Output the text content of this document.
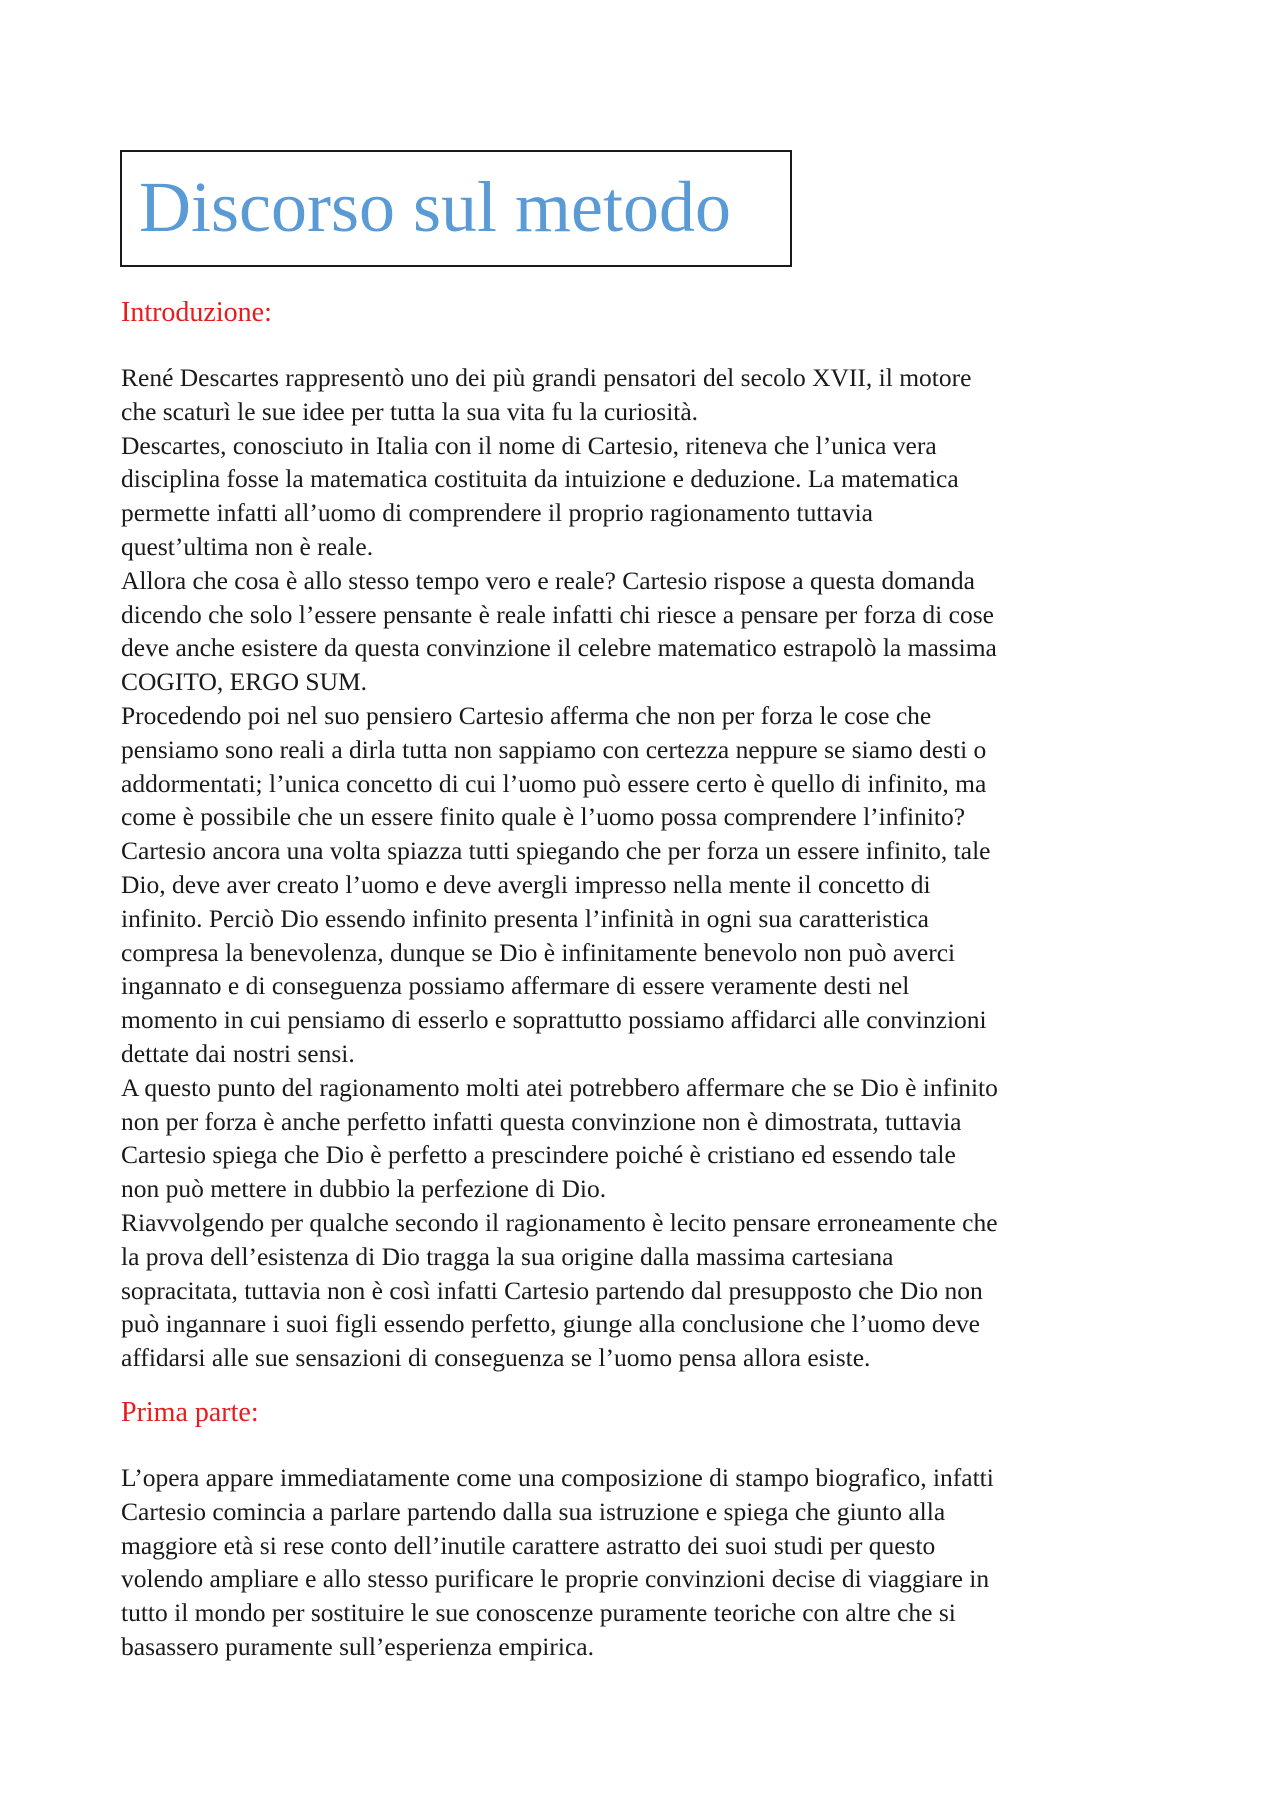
Discorso sul metodo
Introduzione:
René Descartes rappresentò uno dei più grandi pensatori del secolo XVII, il motore
che scaturì le sue idee per tutta la sua vita fu la curiosità.
Descartes, conosciuto in Italia con il nome di Cartesio, riteneva che l’unica vera
disciplina fosse la matematica costituita da intuizione e deduzione. La matematica
permette infatti all’uomo di comprendere il proprio ragionamento tuttavia
quest’ultima non è reale.
Allora che cosa è allo stesso tempo vero e reale? Cartesio rispose a questa domanda
dicendo che solo l’essere pensante è reale infatti chi riesce a pensare per forza di cose
deve anche esistere da questa convinzione il celebre matematico estrapolò la massima
COGITO, ERGO SUM.
Procedendo poi nel suo pensiero Cartesio afferma che non per forza le cose che
pensiamo sono reali a dirla tutta non sappiamo con certezza neppure se siamo desti o
addormentati; l’unica concetto di cui l’uomo può essere certo è quello di infinito, ma
come è possibile che un essere finito quale è l’uomo possa comprendere l’infinito?
Cartesio ancora una volta spiazza tutti spiegando che per forza un essere infinito, tale
Dio, deve aver creato l’uomo e deve avergli impresso nella mente il concetto di
infinito. Perciò Dio essendo infinito presenta l’infinità in ogni sua caratteristica
compresa la benevolenza, dunque se Dio è infinitamente benevolo non può averci
ingannato e di conseguenza possiamo affermare di essere veramente desti nel
momento in cui pensiamo di esserlo e soprattutto possiamo affidarci alle convinzioni
dettate dai nostri sensi.
A questo punto del ragionamento molti atei potrebbero affermare che se Dio è infinito
non per forza è anche perfetto infatti questa convinzione non è dimostrata, tuttavia
Cartesio spiega che Dio è perfetto a prescindere poiché è cristiano ed essendo tale
non può mettere in dubbio la perfezione di Dio.
Riavvolgendo per qualche secondo il ragionamento è lecito pensare erroneamente che
la prova dell’esistenza di Dio tragga la sua origine dalla massima cartesiana
sopracitata, tuttavia non è così infatti Cartesio partendo dal presupposto che Dio non
può ingannare i suoi figli essendo perfetto, giunge alla conclusione che l’uomo deve
affidarsi alle sue sensazioni di conseguenza se l’uomo pensa allora esiste.
Prima parte:
L’opera appare immediatamente come una composizione di stampo biografico, infatti
Cartesio comincia a parlare partendo dalla sua istruzione e spiega che giunto alla
maggiore età si rese conto dell’inutile carattere astratto dei suoi studi per questo
volendo ampliare e allo stesso purificare le proprie convinzioni decise di viaggiare in
tutto il mondo per sostituire le sue conoscenze puramente teoriche con altre che si
basassero puramente sull’esperienza empirica.
